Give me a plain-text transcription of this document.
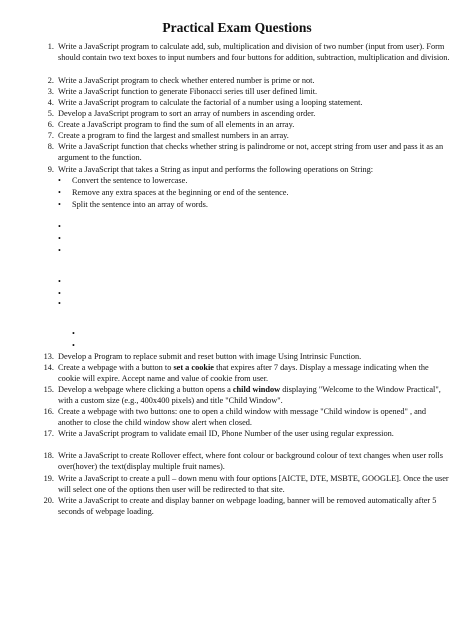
Practical Exam Questions
1. Write a JavaScript program to calculate add, sub, multiplication and division of two number (input from user). Form should contain two text boxes to input numbers and four buttons for addition, subtraction, multiplication and division.
2. Write a JavaScript program to check whether entered number is prime or not.
3. Write a JavaScript function to generate Fibonacci series till user defined limit.
4. Write a JavaScript program to calculate the factorial of a number using a looping statement.
5. Develop a JavaScript program to sort an array of numbers in ascending order.
6. Create a JavaScript program to find the sum of all elements in an array.
7. Create a program to find the largest and smallest numbers in an array.
8. Write a JavaScript function that checks whether string is palindrome or not, accept string from user and pass it as an argument to the function.
9. Write a JavaScript that takes a String as input and performs the following operations on String:
• Convert the sentence to lowercase.
• Remove any extra spaces at the beginning or end of the sentence.
• Split the sentence into an array of words.
•
•
•
•
•
•
•
•
13. Develop a Program to replace submit and reset button with image Using Intrinsic Function.
14. Create a webpage with a button to set a cookie that expires after 7 days. Display a message indicating when the cookie will expire. Accept name and value of cookie from user.
15. Develop a webpage where clicking a button opens a child window displaying "Welcome to the Window Practical", with a custom size (e.g., 400x400 pixels) and title "Child Window".
16. Create a webpage with two buttons: one to open a child window with message "Child window is opened" , and another to close the child window show alert when closed.
17. Write a JavaScript program to validate email ID, Phone Number of the user using regular expression.
18. Write a JavaScript to create Rollover effect, where font colour or background colour of text changes when user rolls over(hover) the text(display multiple fruit names).
19. Write a JavaScript to create a pull – down menu with four options [AICTE, DTE, MSBTE, GOOGLE]. Once the user will select one of the options then user will be redirected to that site.
20. Write a JavaScript to create and display banner on webpage loading, banner will be removed automatically after 5 seconds of webpage loading.
